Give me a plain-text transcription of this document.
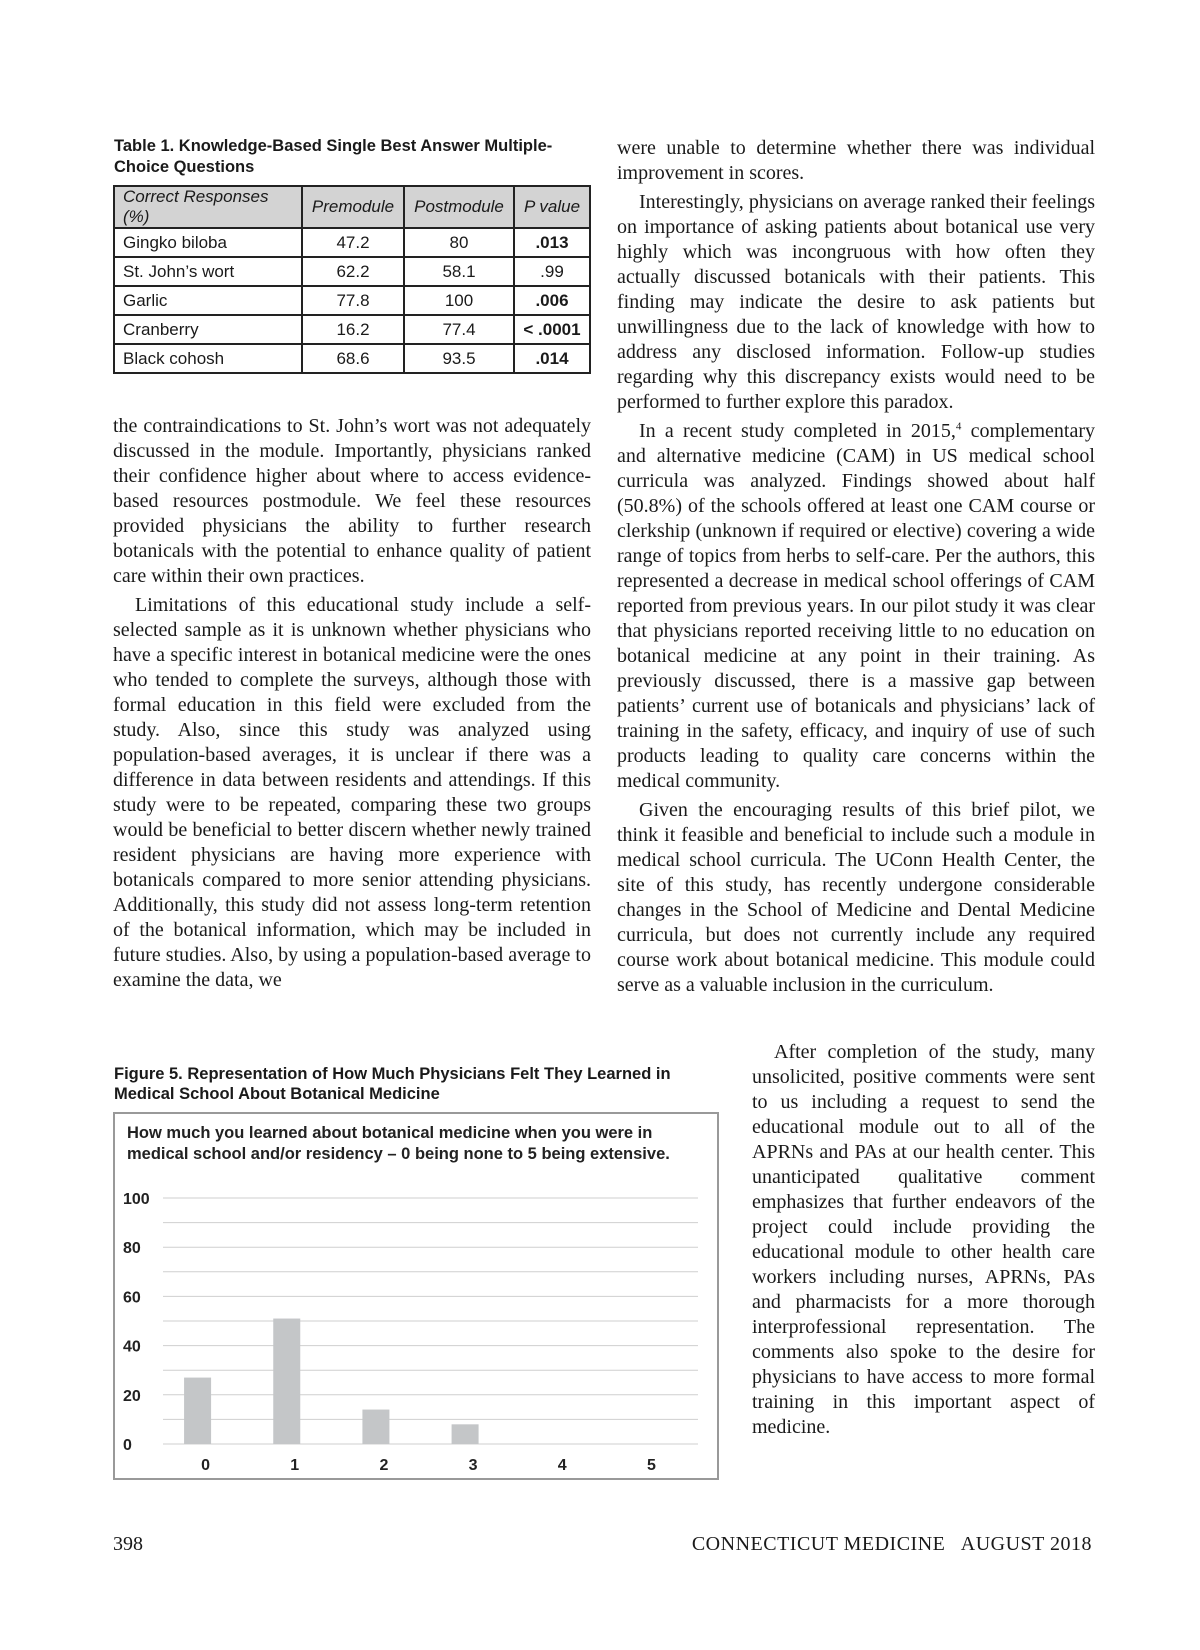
Table 1. Knowledge-Based Single Best Answer Multiple-Choice Questions
Correct Responses (%)	Premodule	Postmodule	P value
Gingko biloba	47.2	80	.013
St. John’s wort	62.2	58.1	.99
Garlic	77.8	100	.006
Cranberry	16.2	77.4	< .0001
Black cohosh	68.6	93.5	.014

the contraindications to St. John’s wort was not adequately discussed in the module. Importantly, physicians ranked their confidence higher about where to access evidence-based resources postmodule. We feel these resources provided physicians the ability to further research botanicals with the potential to enhance quality of patient care within their own practices.

Limitations of this educational study include a self-selected sample as it is unknown whether physicians who have a specific interest in botanical medicine were the ones who tended to complete the surveys, although those with formal education in this field were excluded from the study. Also, since this study was analyzed using population-based averages, it is unclear if there was a difference in data between residents and attendings. If this study were to be repeated, comparing these two groups would be beneficial to better discern whether newly trained resident physicians are having more experience with botanicals compared to more senior attending physicians. Additionally, this study did not assess long-term retention of the botanical information, which may be included in future studies. Also, by using a population-based average to examine the data, we

were unable to determine whether there was individual improvement in scores.

Interestingly, physicians on average ranked their feelings on importance of asking patients about botanical use very highly which was incongruous with how often they actually discussed botanicals with their patients. This finding may indicate the desire to ask patients but unwillingness due to the lack of knowledge with how to address any disclosed information. Follow-up studies regarding why this discrepancy exists would need to be performed to further explore this paradox.

In a recent study completed in 2015,$^4$ complementary and alternative medicine (CAM) in US medical school curricula was analyzed. Findings showed about half (50.8%) of the schools offered at least one CAM course or clerkship (unknown if required or elective) covering a wide range of topics from herbs to self-care. Per the authors, this represented a decrease in medical school offerings of CAM reported from previous years. In our pilot study it was clear that physicians reported receiving little to no education on botanical medicine at any point in their training. As previously discussed, there is a massive gap between patients’ current use of botanicals and physicians’ lack of training in the safety, efficacy, and inquiry of use of such products leading to quality care concerns within the medical community.

Given the encouraging results of this brief pilot, we think it feasible and beneficial to include such a module in medical school curricula. The UConn Health Center, the site of this study, has recently undergone considerable changes in the School of Medicine and Dental Medicine curricula, but does not currently include any required course work about botanical medicine. This module could serve as a valuable inclusion in the curriculum.

After completion of the study, many unsolicited, positive comments were sent to us including a request to send the educational module out to all of the APRNs and PAs at our health center. This unanticipated qualitative comment emphasizes that further endeavors of the project could include providing the educational module to other health care workers including nurses, APRNs, PAs and pharmacists for a more thorough interprofessional representation. The comments also spoke to the desire for physicians to have access to more formal training in this important aspect of medicine.

Figure 5. Representation of How Much Physicians Felt They Learned in Medical School About Botanical Medicine
How much you learned about botanical medicine when you were in medical school and/or residency – 0 being none to 5 being extensive.
0
20
40
60
80
100
0	1	2	3	4	5
398	CONNECTICUT MEDICINE   AUGUST 2018
